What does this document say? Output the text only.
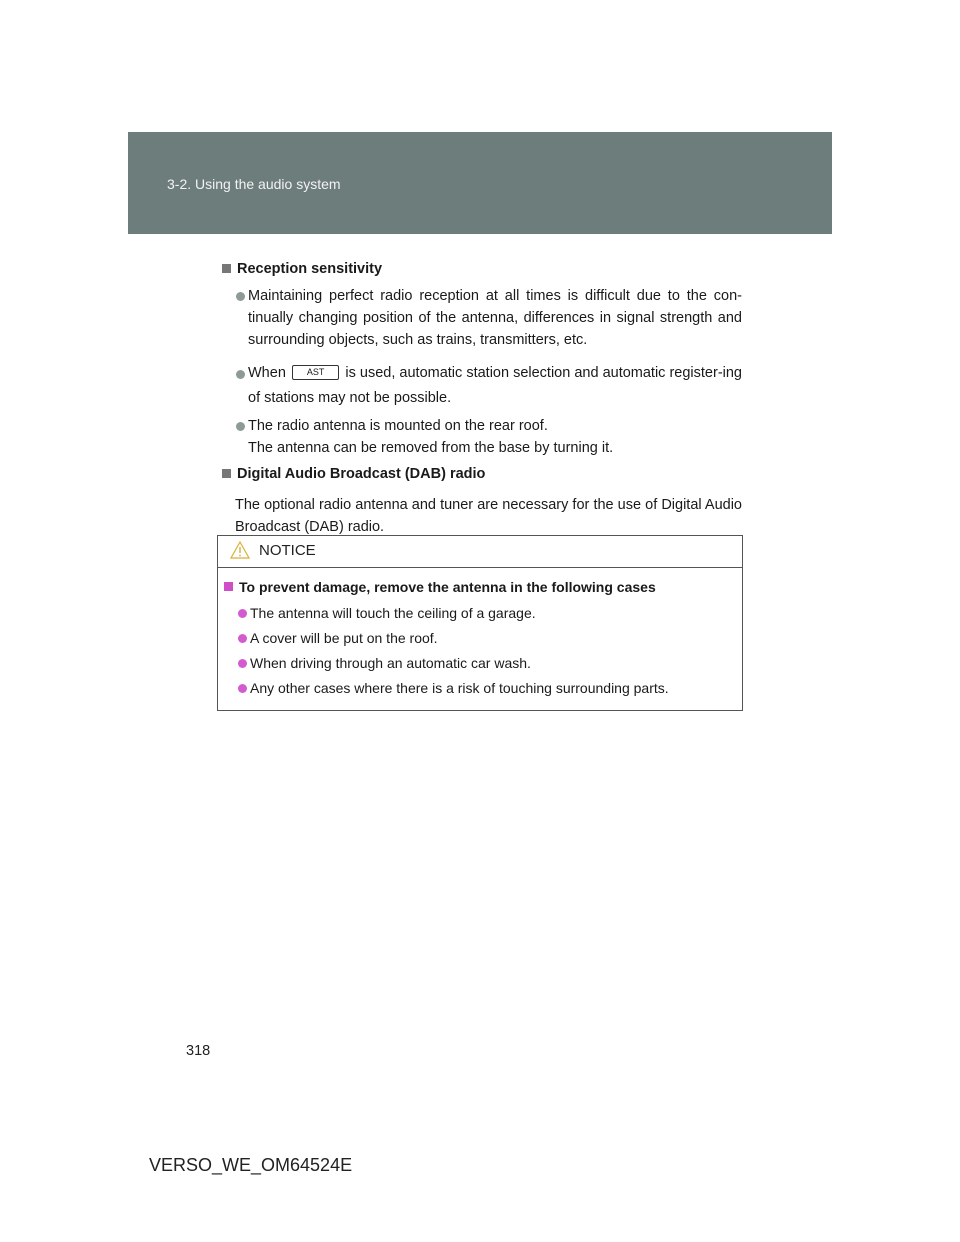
3-2. Using the audio system
Reception sensitivity
Maintaining perfect radio reception at all times is difficult due to the con-tinually changing position of the antenna, differences in signal strength and surrounding objects, such as trains, transmitters, etc.
When AST is used, automatic station selection and automatic register-ing of stations may not be possible.
The radio antenna is mounted on the rear roof.
The antenna can be removed from the base by turning it.
Digital Audio Broadcast (DAB) radio
The optional radio antenna and tuner are necessary for the use of Digital Audio Broadcast (DAB) radio.
NOTICE
To prevent damage, remove the antenna in the following cases
The antenna will touch the ceiling of a garage.
A cover will be put on the roof.
When driving through an automatic car wash.
Any other cases where there is a risk of touching surrounding parts.
318
VERSO_WE_OM64524E
